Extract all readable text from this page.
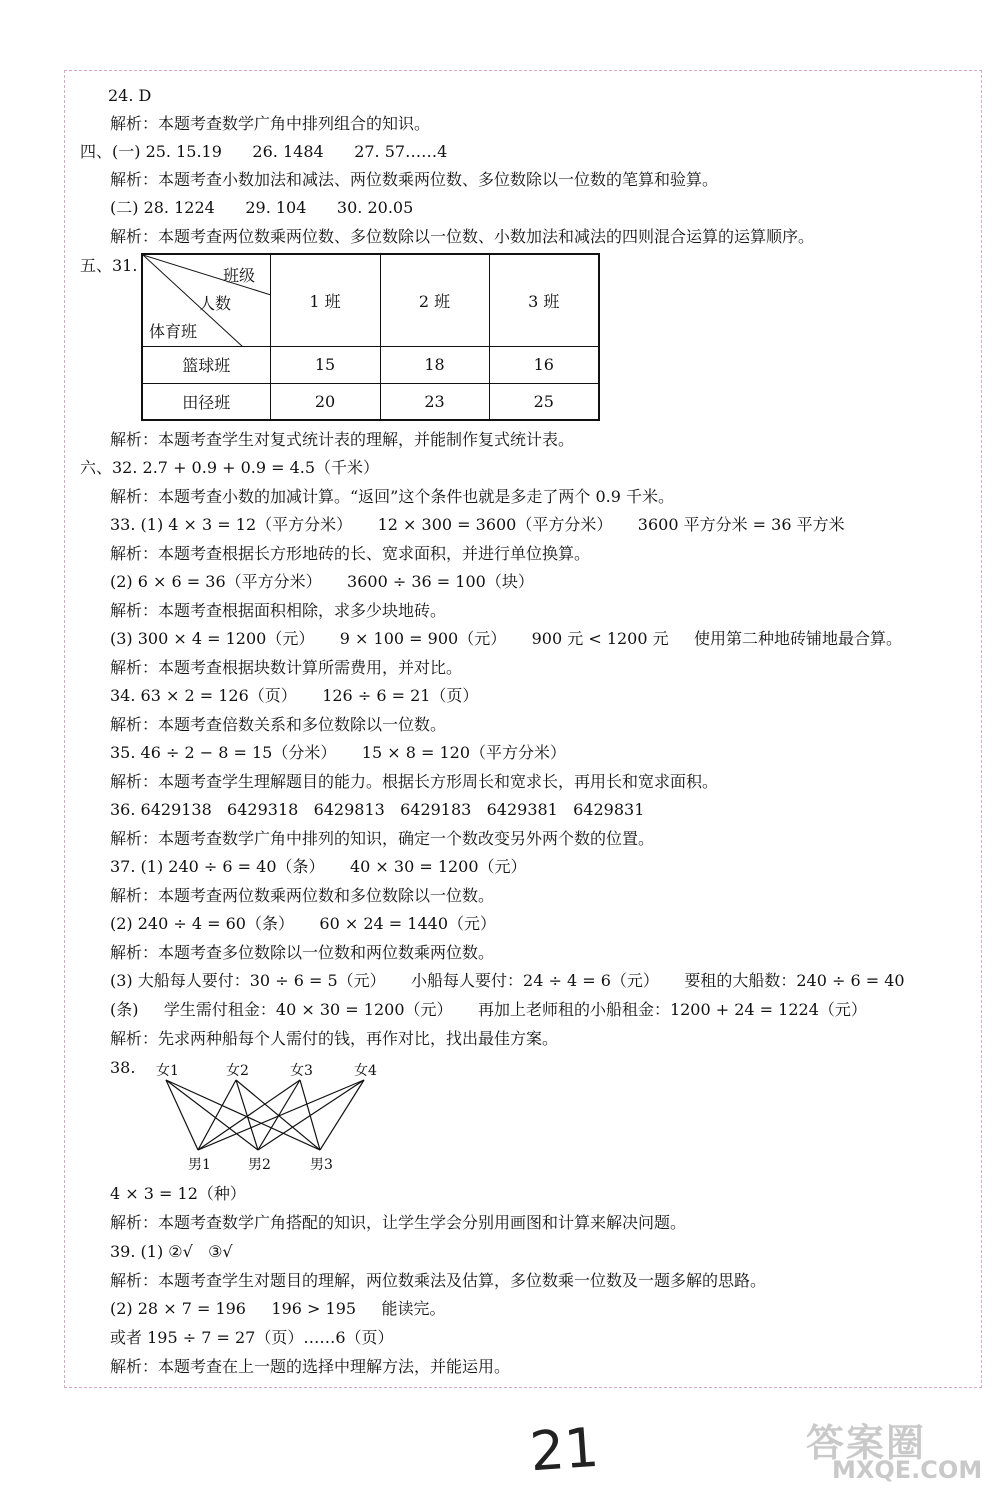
24. D
解析：本题考查数学广角中排列组合的知识。
四、(一) 25. 15.19      26. 1484      27. 57……4
解析：本题考查小数加法和减法、两位数乘两位数、多位数除以一位数的笔算和验算。
(二) 28. 1224      29. 104      30. 20.05
解析：本题考查两位数乘两位数、多位数除以一位数、小数加法和减法的四则混合运算的运算顺序。
五、31.
班级
人数
体育班	1 班	2 班	3 班
篮球班	15	18	16
田径班	20	23	25
解析：本题考查学生对复式统计表的理解，并能制作复式统计表。
六、32. 2.7 + 0.9 + 0.9 = 4.5（千米）
解析：本题考查小数的加减计算。“返回”这个条件也就是多走了两个 0.9 千米。
33. (1) 4 × 3 = 12（平方分米）     12 × 300 = 3600（平方分米）     3600 平方分米 = 36 平方米
解析：本题考查根据长方形地砖的长、宽求面积，并进行单位换算。
(2) 6 × 6 = 36（平方分米）     3600 ÷ 36 = 100（块）
解析：本题考查根据面积相除，求多少块地砖。
(3) 300 × 4 = 1200（元）     9 × 100 = 900（元）     900 元 < 1200 元     使用第二种地砖铺地最合算。
解析：本题考查根据块数计算所需费用，并对比。
34. 63 × 2 = 126（页）     126 ÷ 6 = 21（页）
解析：本题考查倍数关系和多位数除以一位数。
35. 46 ÷ 2 − 8 = 15（分米）     15 × 8 = 120（平方分米）
解析：本题考查学生理解题目的能力。根据长方形周长和宽求长，再用长和宽求面积。
36. 6429138   6429318   6429813   6429183   6429381   6429831
解析：本题考查数学广角中排列的知识，确定一个数改变另外两个数的位置。
37. (1) 240 ÷ 6 = 40（条）     40 × 30 = 1200（元）
解析：本题考查两位数乘两位数和多位数除以一位数。
(2) 240 ÷ 4 = 60（条）     60 × 24 = 1440（元）
解析：本题考查多位数除以一位数和两位数乘两位数。
(3) 大船每人要付：30 ÷ 6 = 5（元）     小船每人要付：24 ÷ 4 = 6（元）     要租的大船数：240 ÷ 6 = 40
(条)     学生需付租金：40 × 30 = 1200（元）     再加上老师租的小船租金：1200 + 24 = 1224（元）
解析：先求两种船每个人需付的钱，再作对比，找出最佳方案。
38. 女1	女2	女3	女4
男1	男2	男3
4 × 3 = 12（种）
解析：本题考查数学广角搭配的知识，让学生学会分别用画图和计算来解决问题。
39. (1) ②√   ③√
解析：本题考查学生对题目的理解，两位数乘法及估算，多位数乘一位数及一题多解的思路。
(2) 28 × 7 = 196     196 > 195     能读完。
或者 195 ÷ 7 = 27（页）……6（页）
解析：本题考查在上一题的选择中理解方法，并能运用。
21	答案圈
MXQE.COM
